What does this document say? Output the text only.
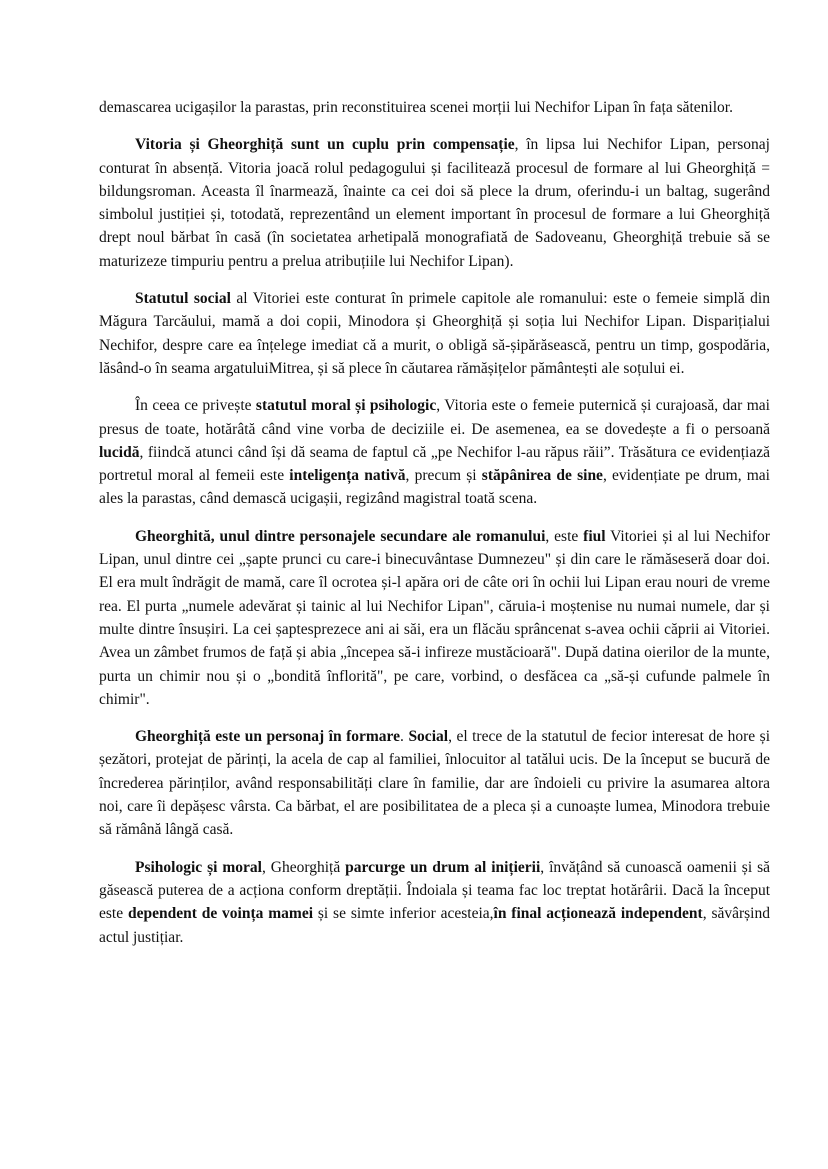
demascarea ucigașilor la parastas, prin reconstituirea scenei morții lui Nechifor Lipan în fața sătenilor.

Vitoria și Gheorghiță sunt un cuplu prin compensație, în lipsa lui Nechifor Lipan, personaj conturat în absență. Vitoria joacă rolul pedagogului și facilitează procesul de formare al lui Gheorghiță = bildungsroman. Aceasta îl înarmează, înainte ca cei doi să plece la drum, oferindu-i un baltag, sugerând simbolul justiției și, totodată, reprezentând un element important în procesul de formare a lui Gheorghiță drept noul bărbat în casă (în societatea arhetipală monografiată de Sadoveanu, Gheorghiță trebuie să se maturizeze timpuriu pentru a prelua atribuțiile lui Nechifor Lipan).

Statutul social al Vitoriei este conturat în primele capitole ale romanului: este o femeie simplă din Măgura Tarcăului, mamă a doi copii, Minodora și Gheorghiță și soția lui Nechifor Lipan. Disparițialui Nechifor, despre care ea înțelege imediat că a murit, o obligă să-șipărăsească, pentru un timp, gospodăria, lăsând-o în seama argatuluiMitrea, și să plece în căutarea rămășițelor pământești ale soțului ei.

În ceea ce privește statutul moral și psihologic, Vitoria este o femeie puternică și curajoasă, dar mai presus de toate, hotărâtă când vine vorba de deciziile ei. De asemenea, ea se dovedește a fi o persoană lucidă, fiindcă atunci când își dă seama de faptul că „pe Nechifor l-au răpus răii”. Trăsătura ce evidențiază portretul moral al femeii este inteligența nativă, precum și stăpânirea de sine, evidențiate pe drum, mai ales la parastas, când demască ucigașii, regizând magistral toată scena.

Gheorghită, unul dintre personajele secundare ale romanului, este fiul Vitoriei și al lui Nechifor Lipan, unul dintre cei „șapte prunci cu care-i binecuvântase Dumnezeu" și din care le rămăseseră doar doi. El era mult îndrăgit de mamă, care îl ocrotea și-l apăra ori de câte ori în ochii lui Lipan erau nouri de vreme rea. El purta „numele adevărat și tainic al lui Nechifor Lipan", căruia-i moștenise nu numai numele, dar și multe dintre însușiri. La cei șaptesprezece ani ai săi, era un flăcău sprâncenat s-avea ochii căprii ai Vitoriei. Avea un zâmbet frumos de față și abia „începea să-i infireze mustăcioară". După datina oierilor de la munte, purta un chimir nou și o „bondită înflorită", pe care, vorbind, o desfăcea ca „să-și cufunde palmele în chimir".

Gheorghiță este un personaj în formare. Social, el trece de la statutul de fecior interesat de hore și șezători, protejat de părinți, la acela de cap al familiei, înlocuitor al tatălui ucis. De la început se bucură de încrederea părinților, având responsabilități clare în familie, dar are îndoieli cu privire la asumarea altora noi, care îi depășesc vârsta. Ca bărbat, el are posibilitatea de a pleca și a cunoaște lumea, Minodora trebuie să rămână lângă casă.

Psihologic și moral, Gheorghiță parcurge un drum al inițierii, învățând să cunoască oamenii și să găsească puterea de a acționa conform dreptății. Îndoiala și teama fac loc treptat hotărârii. Dacă la început este dependent de voința mamei și se simte inferior acesteia,în final acționează independent, săvârșind actul justițiar.
